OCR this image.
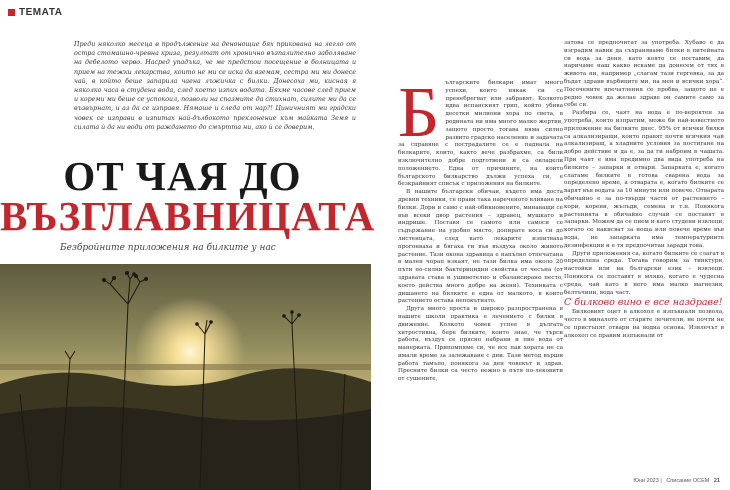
ТЕМАТА

Преди няколко месеца в продължение на денонощие бях прикована на легло от остра стомашно-чревна криза, резултат от хронично възпалително заболяване на дебелото черво. Насред упадъка, че ме предстои посещение в болницата и прием на тежки лекарства, които не ми се иска да вземам, сестра ми ми донесе чай, в който беше запарила чаена лъжичка с билки. Донесоха ми, кисная я няколко часа в студена вода, след което изпих водата. Бяхме часове след прием и кореми ми беше се успокоил, позволи на спазмите да стихнат, силите ми да се възвърнат, и аз да се изправя. Нямаше и следа от нар?! Циничният ми градски човек се изправи в изпитах най-дълбокото преклонение към майката Земя и силата ѝ да ни води от раждането до смъртта ни, ако ѝ се доверим.

ОТ ЧАЯ ДО
ВЪЗГЛАВНИЦАТА

Безбройните приложения на билките у нас

Б	ългарските билкари имат много успехи, които някак си се пренебрегват или забравят. Колкото идва испанският грип, който убива десетки милиони хора по света, в родината ни има много малко жертви, защото просто тогава няма силно развито градско население и задачата за справяне с пострадалите се е паднала на билкарите, които, както вече разбрахме, са били изключително добре подготвени и са овладели положението. Една от причините, на които българското билкарство дължи успеха си, е безкрайният списък с приложения на билките.

В нашите български обичаи, където има доста древни техники, се прави така нареченото вливане на билки. Дори и само с най-обикновените, минаващи се във всеки двор растения – здравец, мушкато и индрише. Поставя се самото или самоси се съдържание на удобно място, допирате носа си до листенцата, след като лекарите изпитваха прогонваха и бягаха ги във въздуха около живото растение. Тази окона здравица е напълно отпечатана в мален чорап изкаят, не тази билка има около 20 пъти по-силни бактерицидни свойства от чесъна (от здравата става и ушиветелно и сбалансирано песто, което действа много добре на жени). Техниката с дишането на билките е една от малкото, в които растението остава непокътнато.

Друга много проста и широко разпространена в нашите школи практика е лечението с билки в движение. Колкото човек успее в дългата хитростивна, бере билките, които знае, че търси работа, въздух се прясно набрани и пие вода от манерката. Припомняме си, че все пак хората не са имали време за залежаване с дни. Тази метод върши работа тамъпо, понякога за ден човекът и здрав. Пресните билки са често нежно в пътя по-лековити от сушените,

затова се предпочитат за употреба. Хубаво е да изградим навик да съхраняваме билки в питейната си вода за деня, като която се поставим, да наричаме наш какво искаме да донесем от тях в живота ни, например „слагам тази гергевка, за да бъдат здрави върбиците ми, на мен и всички хора“. Посочените впечатления се пробва, защото не е редно човек да желае здраве он самите само за себе си.

Разбира се, чаят на вода е по-вероятен за употреба, които изпратим, може би най-известното приложение на билките днес. 95% от всички билки са алкализиращи, които правят почти всичкия чай алкализиращ, а хладните условия за постигане на добро действие и да е, за да ги наброим в чашата. При чаят е има предимно два вида употреба на билките – запарки и отвари. Запарката е, когато слагаме билките в готова сварена вода за определено време, а отварата е, когато билките се варят във водата за 10 минути или повече. Отварата обичайно е за по-твърди части от растението – кори, корени, жълъди, семена и т.н. Понякога растенията в обичайно случай се поставят в запарки. Можем да се пием и като студени извлеци, когато се накисват за ноща или повече време във вода, не запарката има температурните дезинфекции и е тя предпочитан заради това.

Други приложения са, когато билките се слагат в определена среда. Тогава говорим за тинктури, настойки или на български език – извлеци. Понякога се поставят в мляко, когато е чудесна среда, чай като в него има малко магнезия, белтъчини, вода част.

С билково вино е все наздраве!

Билковият оцет в алкохол е изпъкнали позвола, често в миналото от старите лечители, не почти не се пристъпят отвари на водна основа. Извлечът в алкохол се правим изпъкнали от

Юни 2023 | Списание ОСЕМ 21
